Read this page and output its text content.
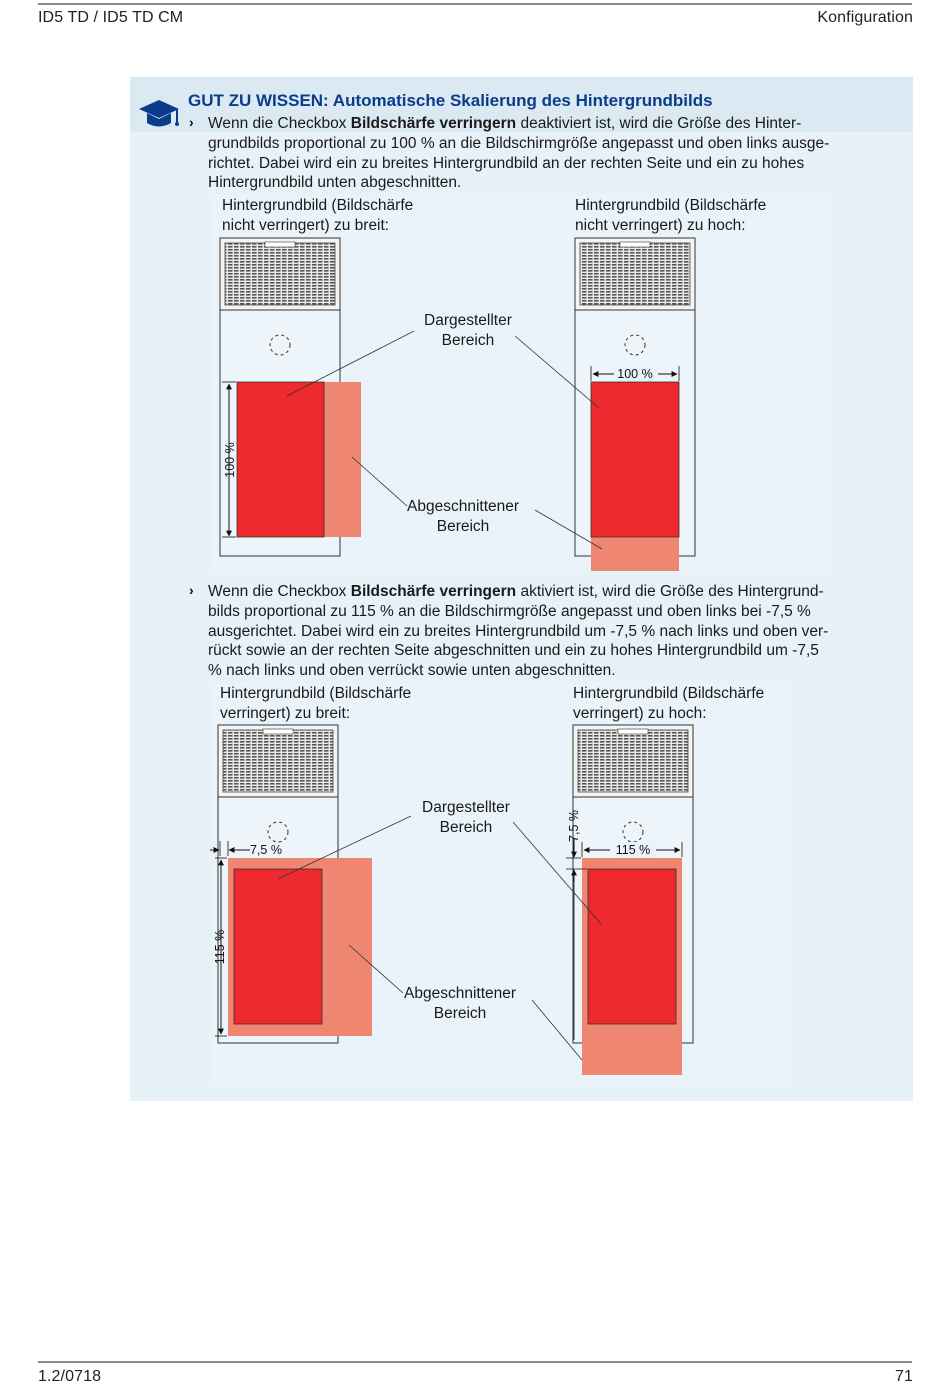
ID5 TD / ID5 TD CM	Konfiguration
1.2/0718	71
GUT ZU WISSEN: Automatische Skalierung des Hintergrundbilds
› Wenn die Checkbox Bildschärfe verringern deaktiviert ist, wird die Größe des Hinter-
grundbilds proportional zu 100 % an die Bildschirmgröße angepasst und oben links ausge-
richtet. Dabei wird ein zu breites Hintergrundbild an der rechten Seite und ein zu hohes
Hintergrundbild unten abgeschnitten.
Hintergrundbild (Bildschärfe
nicht verringert) zu breit:
Hintergrundbild (Bildschärfe
nicht verringert) zu hoch:
› Wenn die Checkbox Bildschärfe verringern aktiviert ist, wird die Größe des Hintergrund-
bilds proportional zu 115 % an die Bildschirmgröße angepasst und oben links bei -7,5 %
ausgerichtet. Dabei wird ein zu breites Hintergrundbild um -7,5 % nach links und oben ver-
rückt sowie an der rechten Seite abgeschnitten und ein zu hohes Hintergrundbild um -7,5
% nach links und oben verrückt sowie unten abgeschnitten.
Hintergrundbild (Bildschärfe
verringert) zu breit:
Hintergrundbild (Bildschärfe
verringert) zu hoch:
100 %
100 %
7,5 %
115 %
115 %
7,5 %
Dargestellter
Bereich
Abgeschnittener
Bereich
Dargestellter
Bereich
Abgeschnittener
Bereich
